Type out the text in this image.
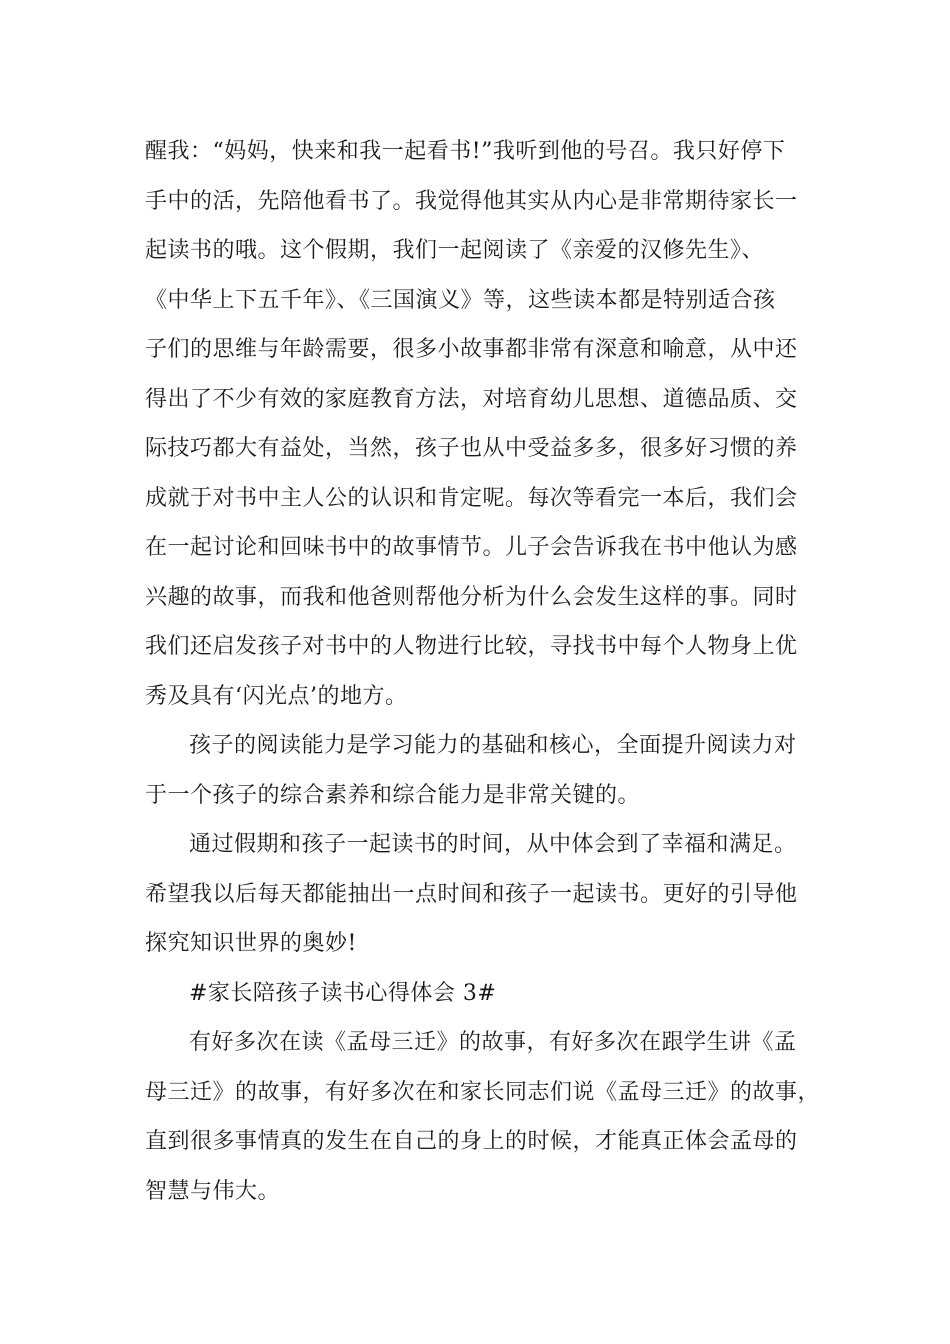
醒我：“妈妈，快来和我一起看书!”我听到他的号召。我只好停下
手中的活，先陪他看书了。我觉得他其实从内心是非常期待家长一
起读书的哦。这个假期，我们一起阅读了《亲爱的汉修先生》、
《中华上下五千年》、《三国演义》等，这些读本都是特别适合孩
子们的思维与年龄需要，很多小故事都非常有深意和喻意，从中还
得出了不少有效的家庭教育方法，对培育幼儿思想、道德品质、交
际技巧都大有益处，当然，孩子也从中受益多多，很多好习惯的养
成就于对书中主人公的认识和肯定呢。每次等看完一本后，我们会
在一起讨论和回味书中的故事情节。儿子会告诉我在书中他认为感
兴趣的故事，而我和他爸则帮他分析为什么会发生这样的事。同时
我们还启发孩子对书中的人物进行比较，寻找书中每个人物身上优
秀及具有‘闪光点’的地方。
孩子的阅读能力是学习能力的基础和核心，全面提升阅读力对
于一个孩子的综合素养和综合能力是非常关键的。
通过假期和孩子一起读书的时间，从中体会到了幸福和满足。
希望我以后每天都能抽出一点时间和孩子一起读书。更好的引导他
探究知识世界的奥妙!
#家长陪孩子读书心得体会 3#
有好多次在读《孟母三迁》的故事，有好多次在跟学生讲《孟
母三迁》的故事，有好多次在和家长同志们说《孟母三迁》的故事，
直到很多事情真的发生在自己的身上的时候，才能真正体会孟母的
智慧与伟大。
